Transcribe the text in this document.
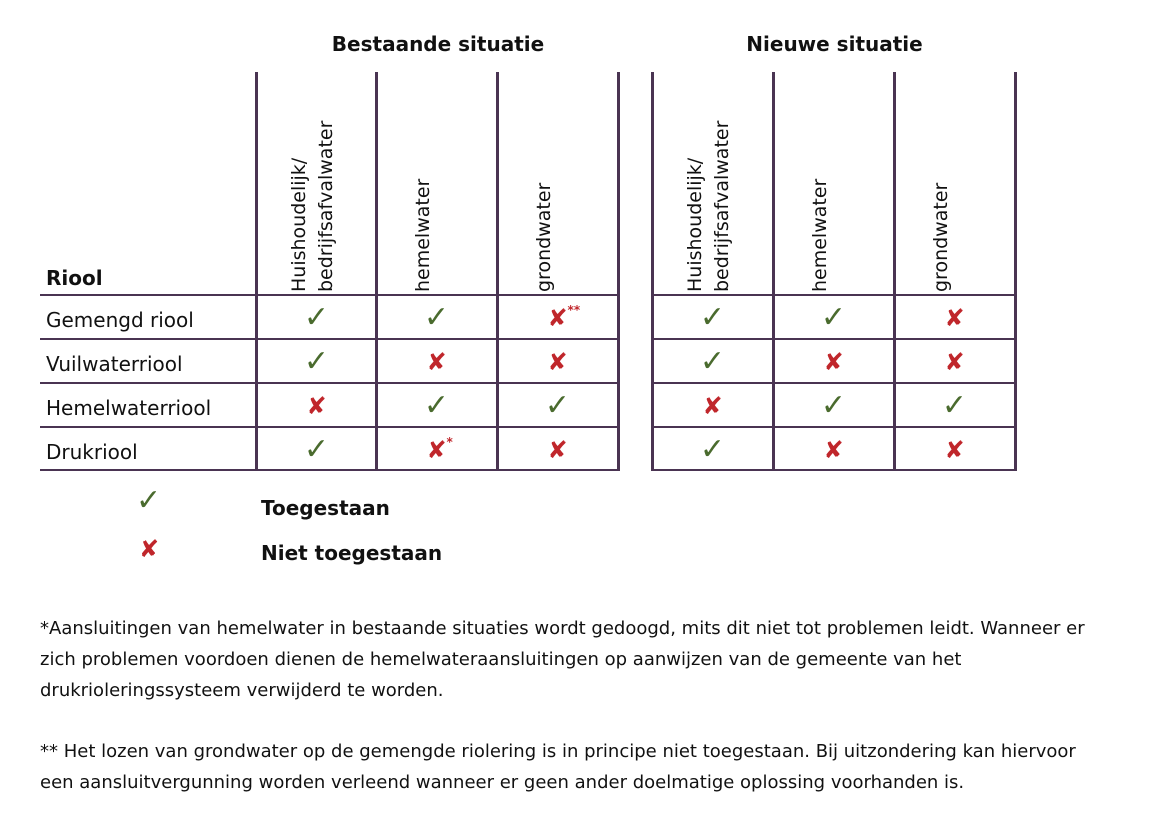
Bestaande situatie	Nieuwe situatie
Riool	Huishoudelijk/ bedrijfsafvalwater	hemelwater	grondwater	Huishoudelijk/ bedrijfsafvalwater	hemelwater	grondwater
Gemengd riool	✓	✓	✘ **	✓	✓	✘
Vuilwaterriool	✓	✘	✘	✓	✘	✘
Hemelwaterriool	✘	✓	✓	✘	✓	✓
Drukriool	✓	✘ *	✘	✓	✘	✘
✓	Toegestaan
✘	Niet toegestaan
*Aansluitingen van hemelwater in bestaande situaties wordt gedoogd, mits dit niet tot problemen leidt. Wanneer er zich problemen voordoen dienen de hemelwateraansluitingen op aanwijzen van de gemeente van het drukrioleringssysteem verwijderd te worden.
** Het lozen van grondwater op de gemengde riolering is in principe niet toegestaan. Bij uitzondering kan hiervoor een aansluitvergunning worden verleend wanneer er geen ander doelmatige oplossing voorhanden is.
